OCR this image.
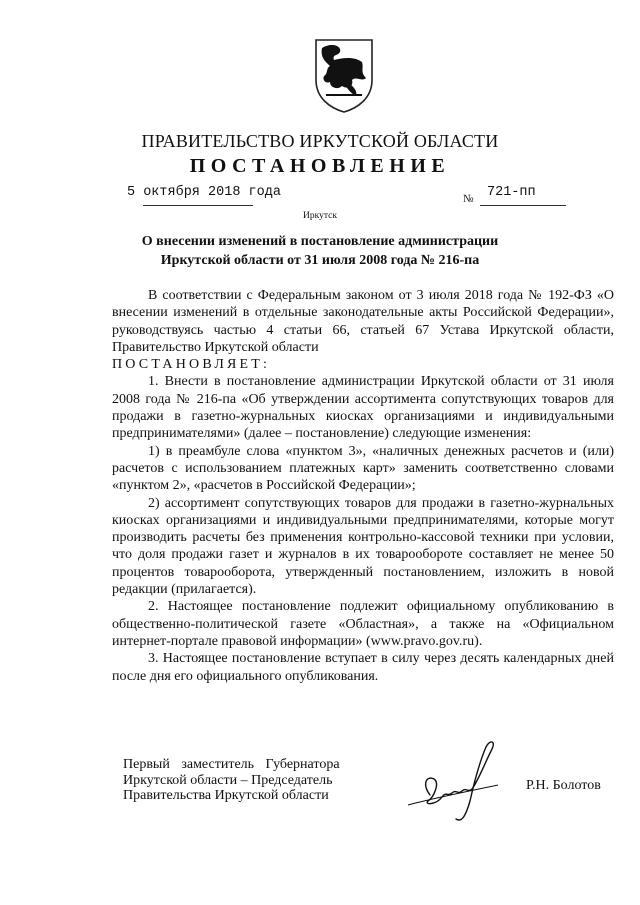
ПРАВИТЕЛЬСТВО ИРКУТСКОЙ ОБЛАСТИ
ПОСТАНОВЛЕНИЕ
5 октября 2018 года	№ 721-пп
Иркутск
О внесении изменений в постановление администрации Иркутской области от 31 июля 2008 года № 216-па

В соответствии с Федеральным законом от 3 июля 2018 года № 192-ФЗ «О внесении изменений в отдельные законодательные акты Российской Федерации», руководствуясь частью 4 статьи 66, статьей 67 Устава Иркутской области, Правительство Иркутской области

ПОСТАНОВЛЯЕТ:

1. Внести в постановление администрации Иркутской области от 31 июля 2008 года № 216-па «Об утверждении ассортимента сопутствующих товаров для продажи в газетно-журнальных киосках организациями и индивидуальными предпринимателями» (далее – постановление) следующие изменения:

1) в преамбуле слова «пунктом 3», «наличных денежных расчетов и (или) расчетов с использованием платежных карт» заменить соответственно словами «пунктом 2», «расчетов в Российской Федерации»;

2) ассортимент сопутствующих товаров для продажи в газетно-журнальных киосках организациями и индивидуальными предпринимателями, которые могут производить расчеты без применения контрольно-кассовой техники при условии, что доля продажи газет и журналов в их товарообороте составляет не менее 50 процентов товарооборота, утвержденный постановлением, изложить в новой редакции (прилагается).

2. Настоящее постановление подлежит официальному опубликованию в общественно-политической газете «Областная», а также на «Официальном интернет-портале правовой информации» (www.pravo.gov.ru).

3. Настоящее постановление вступает в силу через десять календарных дней после дня его официального опубликования.

Первый заместитель Губернатора
Иркутской области – Председатель
Правительства Иркутской области
Р.Н. Болотов
